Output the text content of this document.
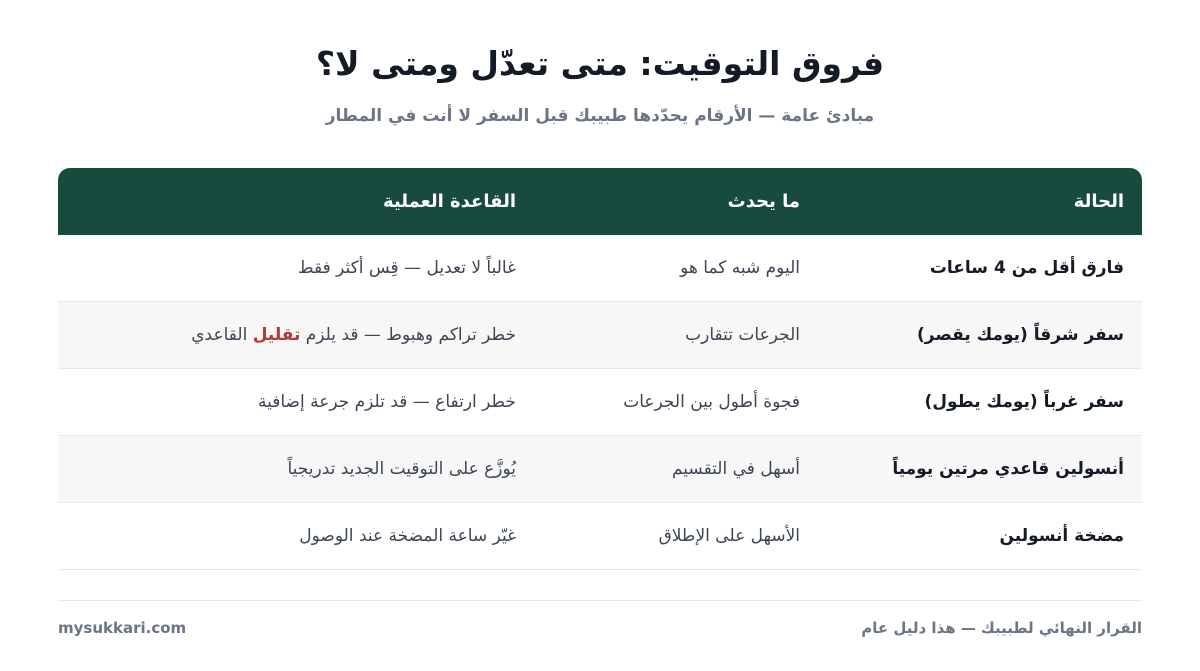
فروق التوقيت: متى تعدّل ومتى لا؟
مبادئ عامة — الأرقام يحدّدها طبيبك قبل السفر لا أنت في المطار
الحالة
ما يحدث
القاعدة العملية
فارق أقل من 4 ساعات
اليوم شبه كما هو
غالباً لا تعديل — قِس أكثر فقط
سفر شرقاً (يومك يقصر)
الجرعات تتقارب
خطر تراكم وهبوط — قد يلزم تقليل القاعدي
سفر غرباً (يومك يطول)
فجوة أطول بين الجرعات
خطر ارتفاع — قد تلزم جرعة إضافية
أنسولين قاعدي مرتين يومياً
أسهل في التقسيم
يُوزَّع على التوقيت الجديد تدريجياً
مضخة أنسولين
الأسهل على الإطلاق
غيّر ساعة المضخة عند الوصول
القرار النهائي لطبيبك — هذا دليل عام
mysukkari.com
